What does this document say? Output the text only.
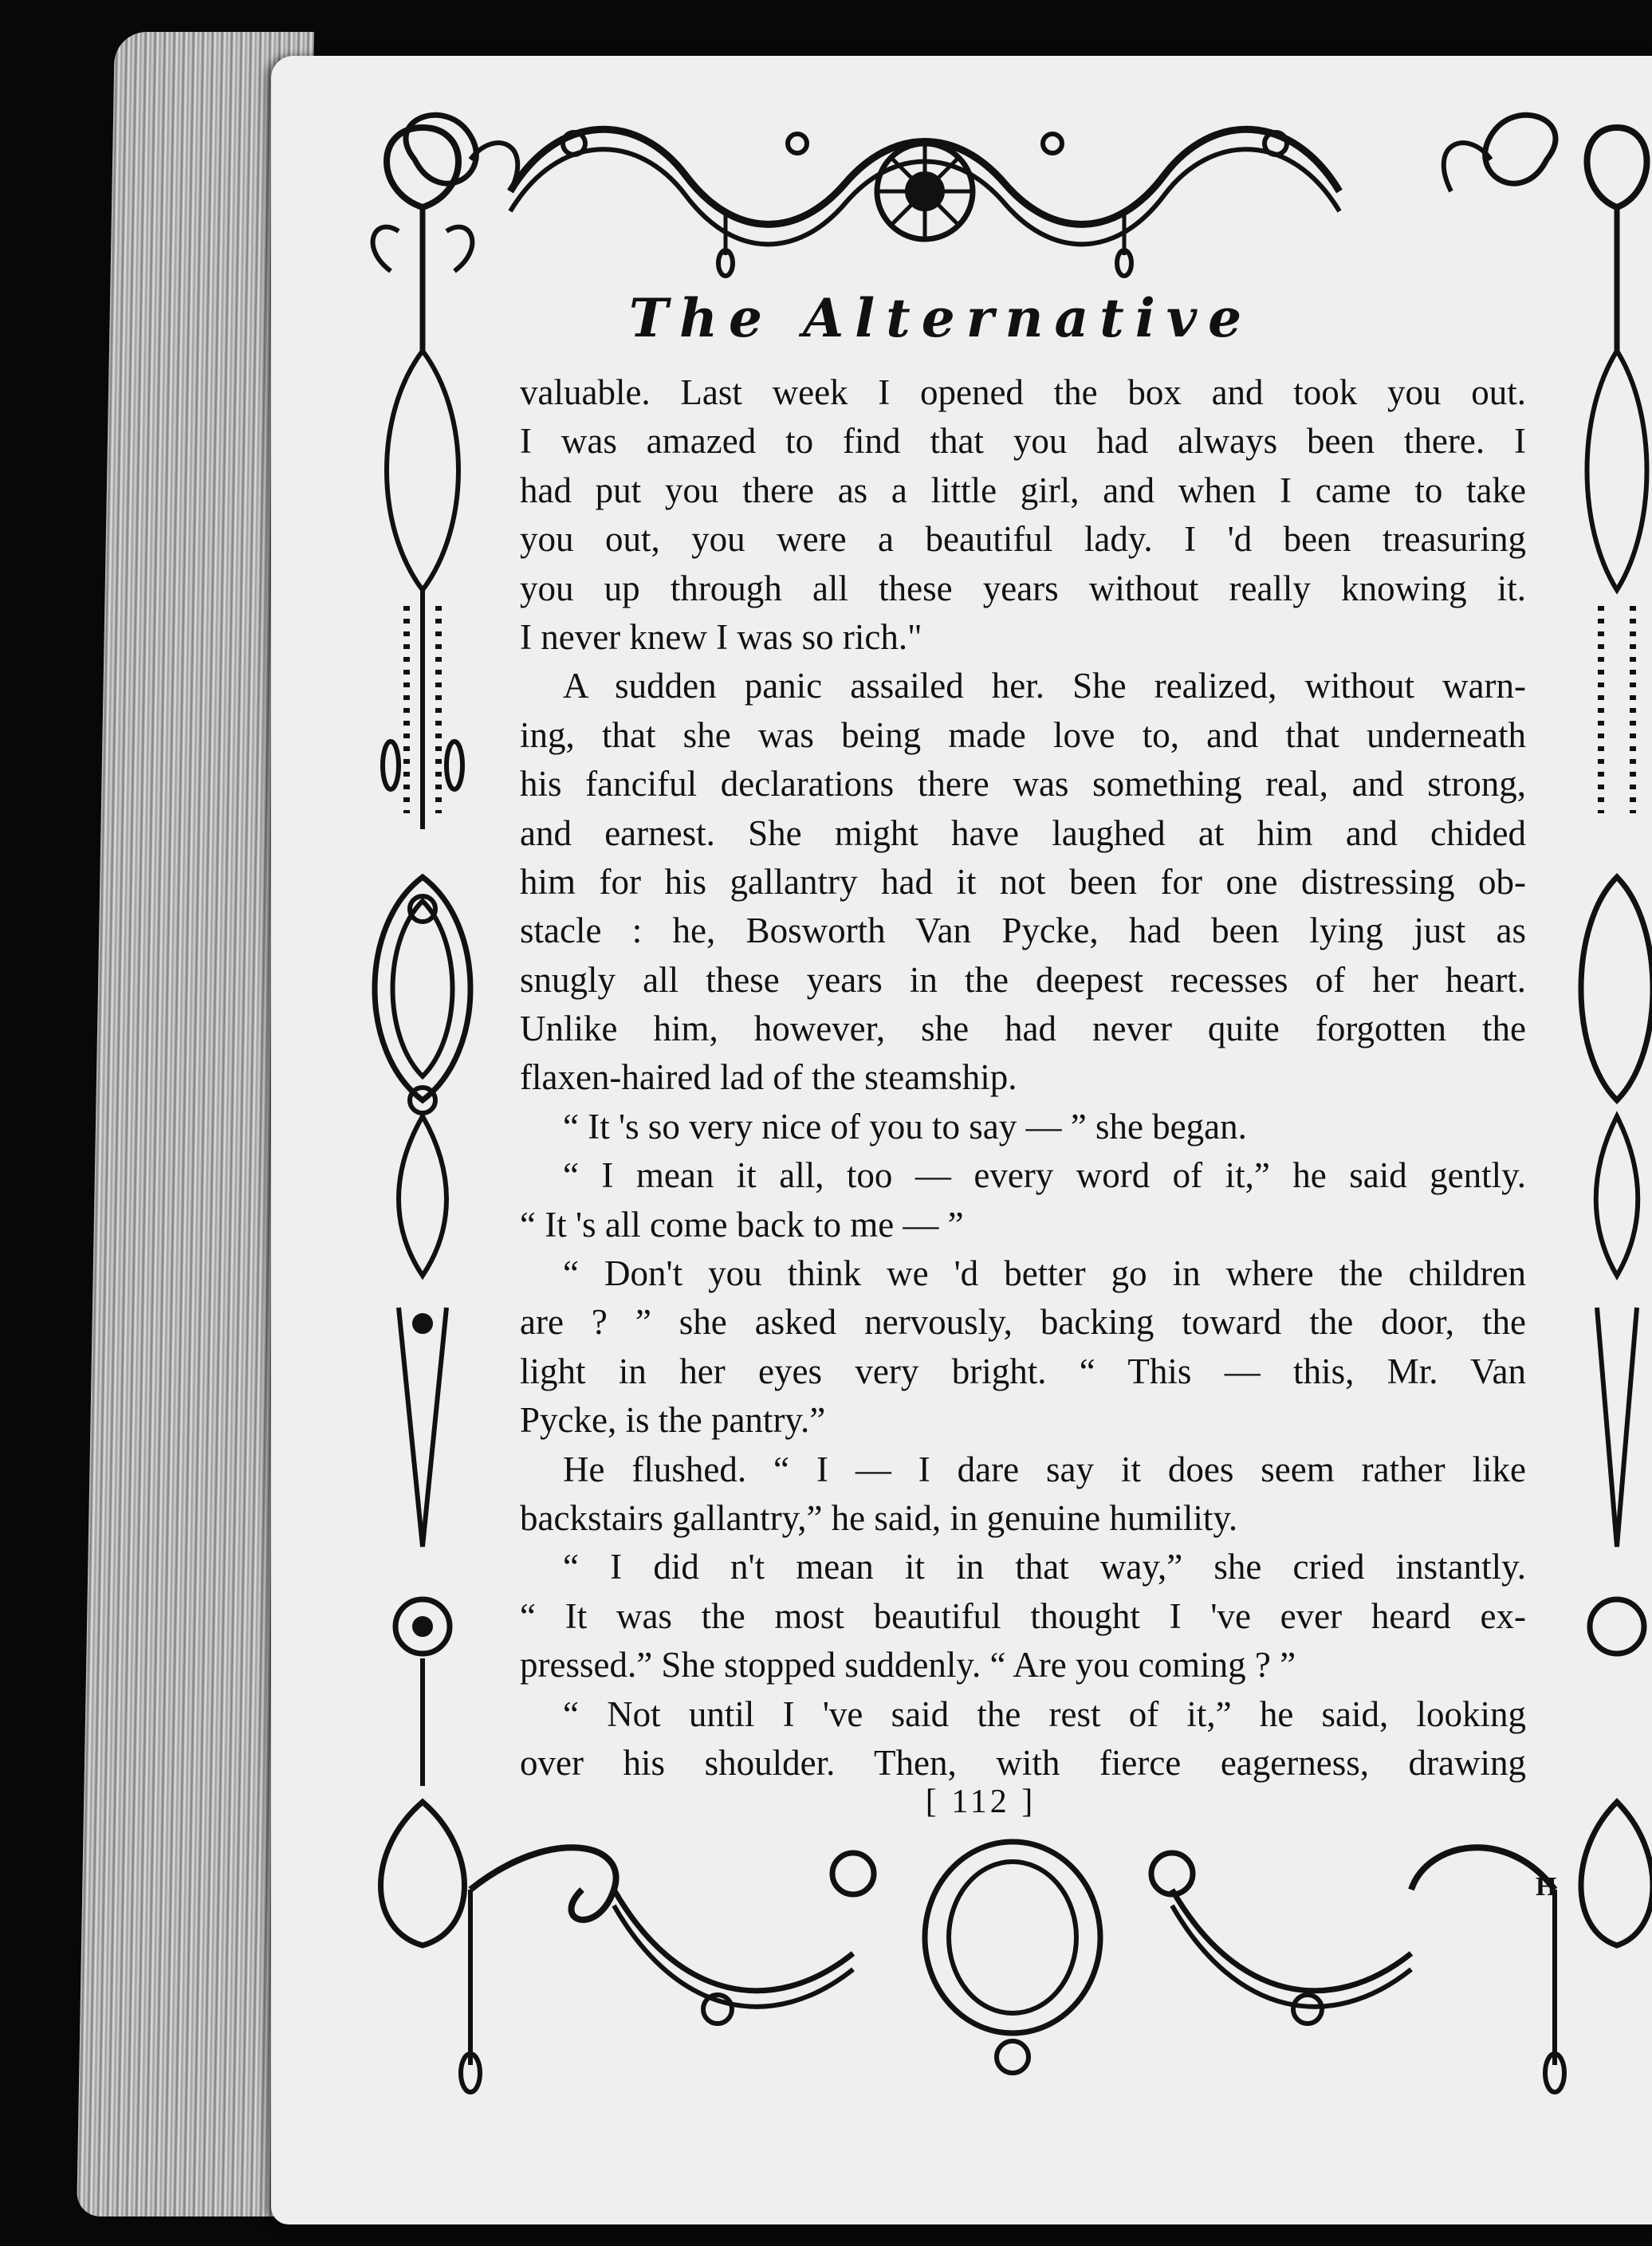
The Alternative
valuable. Last week I opened the box and took you out.
I was amazed to find that you had always been there. I
had put you there as a little girl, and when I came to take
you out, you were a beautiful lady. I 'd been treasuring
you up through all these years without really knowing it.
I never knew I was so rich."
A sudden panic assailed her. She realized, without warn-
ing, that she was being made love to, and that underneath
his fanciful declarations there was something real, and strong,
and earnest. She might have laughed at him and chided
him for his gallantry had it not been for one distressing ob-
stacle : he, Bosworth Van Pycke, had been lying just as
snugly all these years in the deepest recesses of her heart.
Unlike him, however, she had never quite forgotten the
flaxen-haired lad of the steamship.
“ It 's so very nice of you to say — ” she began.
“ I mean it all, too — every word of it,” he said gently.
“ It 's all come back to me — ”
“ Don't you think we 'd better go in where the children
are ? ” she asked nervously, backing toward the door, the
light in her eyes very bright. “ This — this, Mr. Van
Pycke, is the pantry.”
He flushed. “ I — I dare say it does seem rather like
backstairs gallantry,” he said, in genuine humility.
“ I did n't mean it in that way,” she cried instantly.
“ It was the most beautiful thought I 've ever heard ex-
pressed.” She stopped suddenly. “ Are you coming ? ”
“ Not until I 've said the rest of it,” he said, looking
over his shoulder. Then, with fierce eagerness, drawing
[ 112 ]
H
